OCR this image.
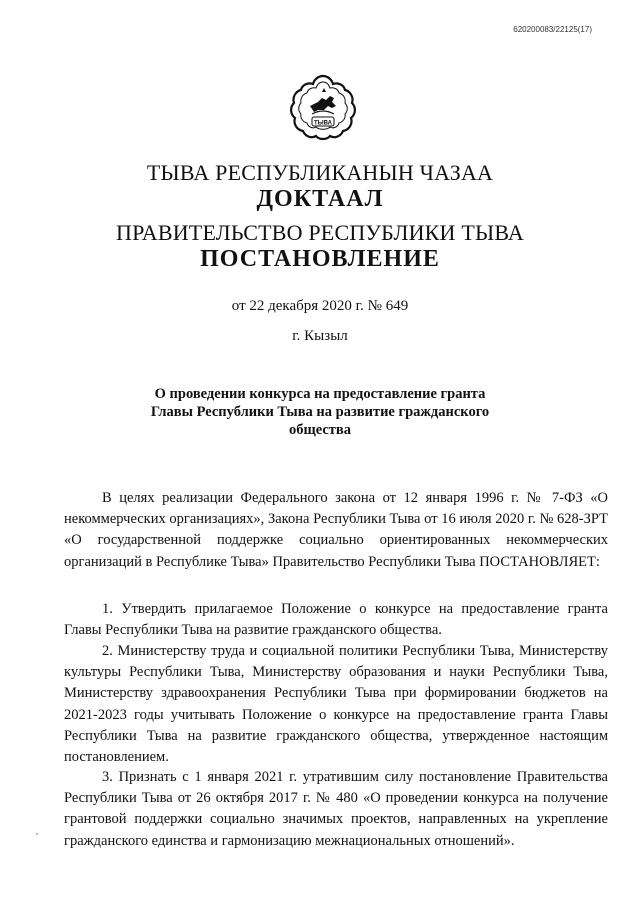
620200083/22125(17)
ТЫВА
ТЫВА РЕСПУБЛИКАНЫН ЧАЗАА
ДОКТААЛ
ПРАВИТЕЛЬСТВО РЕСПУБЛИКИ ТЫВА
ПОСТАНОВЛЕНИЕ
от 22 декабря 2020 г. № 649
г. Кызыл
О проведении конкурса на предоставление гранта Главы Республики Тыва на развитие гражданского общества
В целях реализации Федерального закона от 12 января 1996 г. № 7-ФЗ «О некоммерческих организациях», Закона Республики Тыва от 16 июля 2020 г. № 628-ЗРТ «О государственной поддержке социально ориентированных некоммерческих организаций в Республике Тыва» Правительство Республики Тыва ПОСТАНОВЛЯЕТ:
1. Утвердить прилагаемое Положение о конкурсе на предоставление гранта Главы Республики Тыва на развитие гражданского общества.
2. Министерству труда и социальной политики Республики Тыва, Министерству культуры Республики Тыва, Министерству образования и науки Республики Тыва, Министерству здравоохранения Республики Тыва при формировании бюджетов на 2021-2023 годы учитывать Положение о конкурсе на предоставление гранта Главы Республики Тыва на развитие гражданского общества, утвержденное настоящим постановлением.
3. Признать с 1 января 2021 г. утратившим силу постановление Правительства Республики Тыва от 26 октября 2017 г. № 480 «О проведении конкурса на получение грантовой поддержки социально значимых проектов, направленных на укрепление гражданского единства и гармонизацию межнациональных отношений».
